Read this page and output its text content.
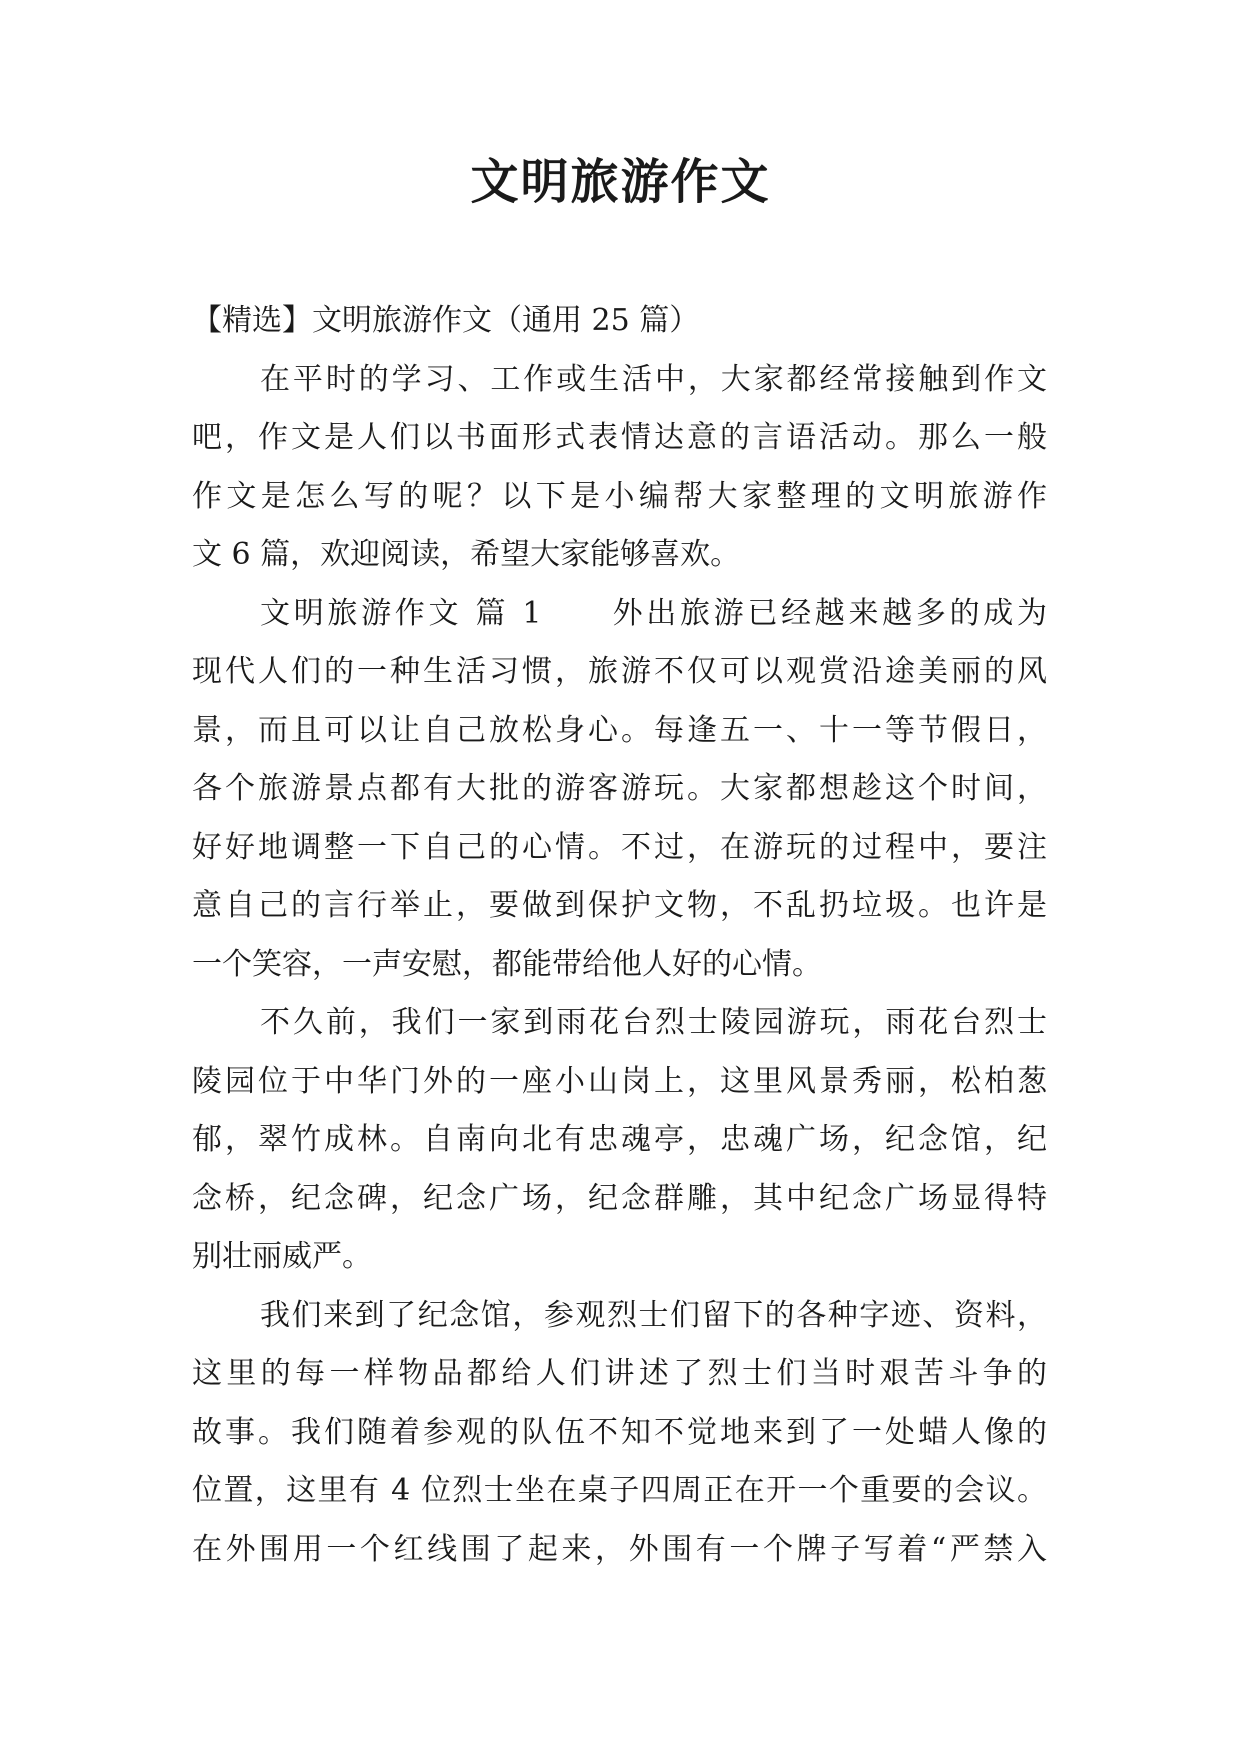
文明旅游作文
【精选】文明旅游作文（通用 25 篇）
在平时的学习、工作或生活中，大家都经常接触到作文
吧，作文是人们以书面形式表情达意的言语活动。那么一般
作文是怎么写的呢？以下是小编帮大家整理的文明旅游作
文 6 篇，欢迎阅读，希望大家能够喜欢。
文明旅游作文 篇 1　　外出旅游已经越来越多的成为
现代人们的一种生活习惯，旅游不仅可以观赏沿途美丽的风
景，而且可以让自己放松身心。每逢五一、十一等节假日，
各个旅游景点都有大批的游客游玩。大家都想趁这个时间，
好好地调整一下自己的心情。不过，在游玩的过程中，要注
意自己的言行举止，要做到保护文物，不乱扔垃圾。也许是
一个笑容，一声安慰，都能带给他人好的心情。
不久前，我们一家到雨花台烈士陵园游玩，雨花台烈士
陵园位于中华门外的一座小山岗上，这里风景秀丽，松柏葱
郁，翠竹成林。自南向北有忠魂亭，忠魂广场，纪念馆，纪
念桥，纪念碑，纪念广场，纪念群雕，其中纪念广场显得特
别壮丽威严。
我们来到了纪念馆，参观烈士们留下的各种字迹、资料，
这里的每一样物品都给人们讲述了烈士们当时艰苦斗争的
故事。我们随着参观的队伍不知不觉地来到了一处蜡人像的
位置，这里有 4 位烈士坐在桌子四周正在开一个重要的会议。
在外围用一个红线围了起来，外围有一个牌子写着“严禁入
